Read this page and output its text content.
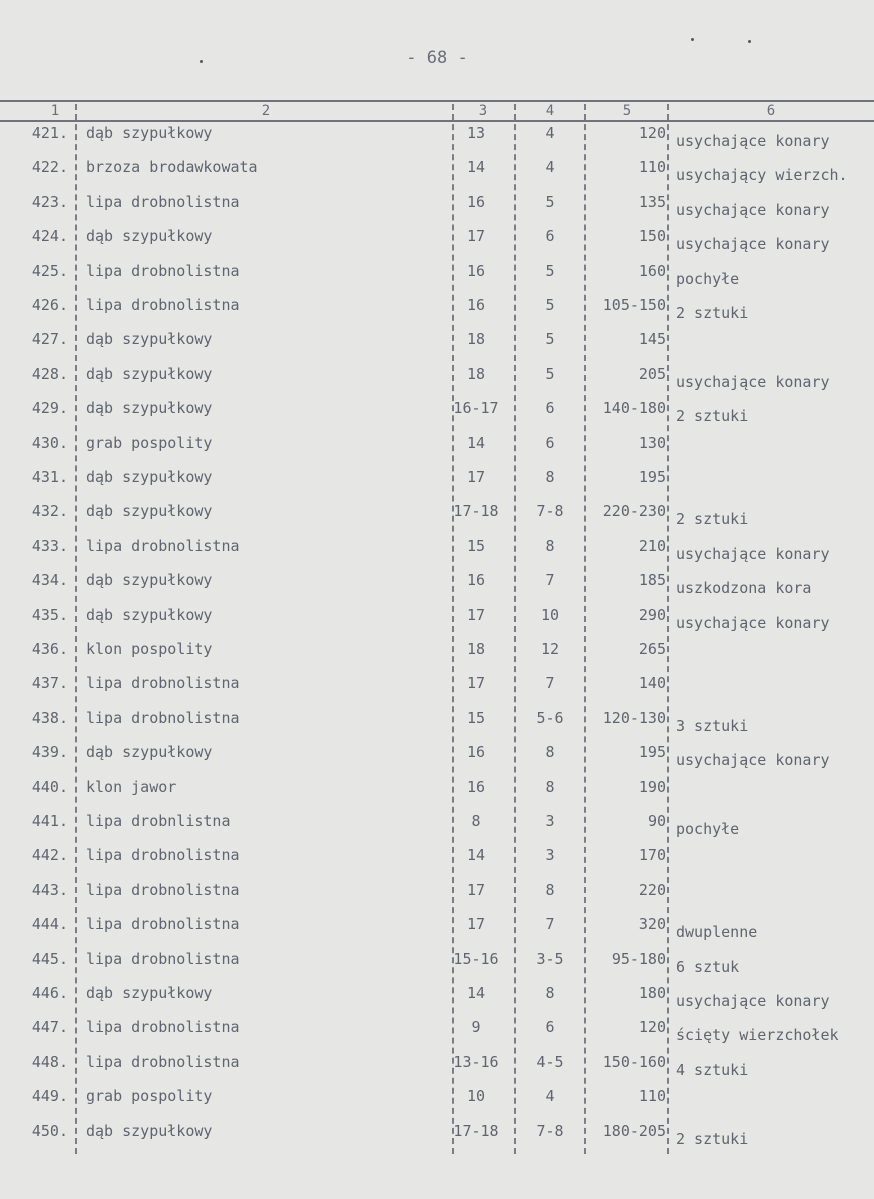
- 68 -
1	2	3	4	5	6
421. dąb szypułkowy	13	4	120 usychające konary
422. brzoza brodawkowata	14	4	110 usychający wierzch.
423. lipa drobnolistna	16	5	135 usychające konary
424. dąb szypułkowy	17	6	150 usychające konary
425. lipa drobnolistna	16	5	160 pochyłe
426. lipa drobnolistna	16	5	105-150 2 sztuki
427. dąb szypułkowy	18	5	145
428. dąb szypułkowy	18	5	205 usychające konary
429. dąb szypułkowy	16-17	6	140-180 2 sztuki
430. grab pospolity	14	6	130
431. dąb szypułkowy	17	8	195
432. dąb szypułkowy	17-18	7-8	220-230 2 sztuki
433. lipa drobnolistna	15	8	210 usychające konary
434. dąb szypułkowy	16	7	185 uszkodzona kora
435. dąb szypułkowy	17	10	290 usychające konary
436. klon pospolity	18	12	265
437. lipa drobnolistna	17	7	140
438. lipa drobnolistna	15	5-6	120-130 3 sztuki
439. dąb szypułkowy	16	8	195 usychające konary
440. klon jawor	16	8	190
441. lipa drobnlistna	8	3	90 pochyłe
442. lipa drobnolistna	14	3	170
443. lipa drobnolistna	17	8	220
444. lipa drobnolistna	17	7	320 dwuplenne
445. lipa drobnolistna	15-16	3-5	95-180 6 sztuk
446. dąb szypułkowy	14	8	180 usychające konary
447. lipa drobnolistna	9	6	120 ścięty wierzchołek
448. lipa drobnolistna	13-16	4-5	150-160 4 sztuki
449. grab pospolity	10	4	110
450. dąb szypułkowy	17-18	7-8	180-205 2 sztuki
